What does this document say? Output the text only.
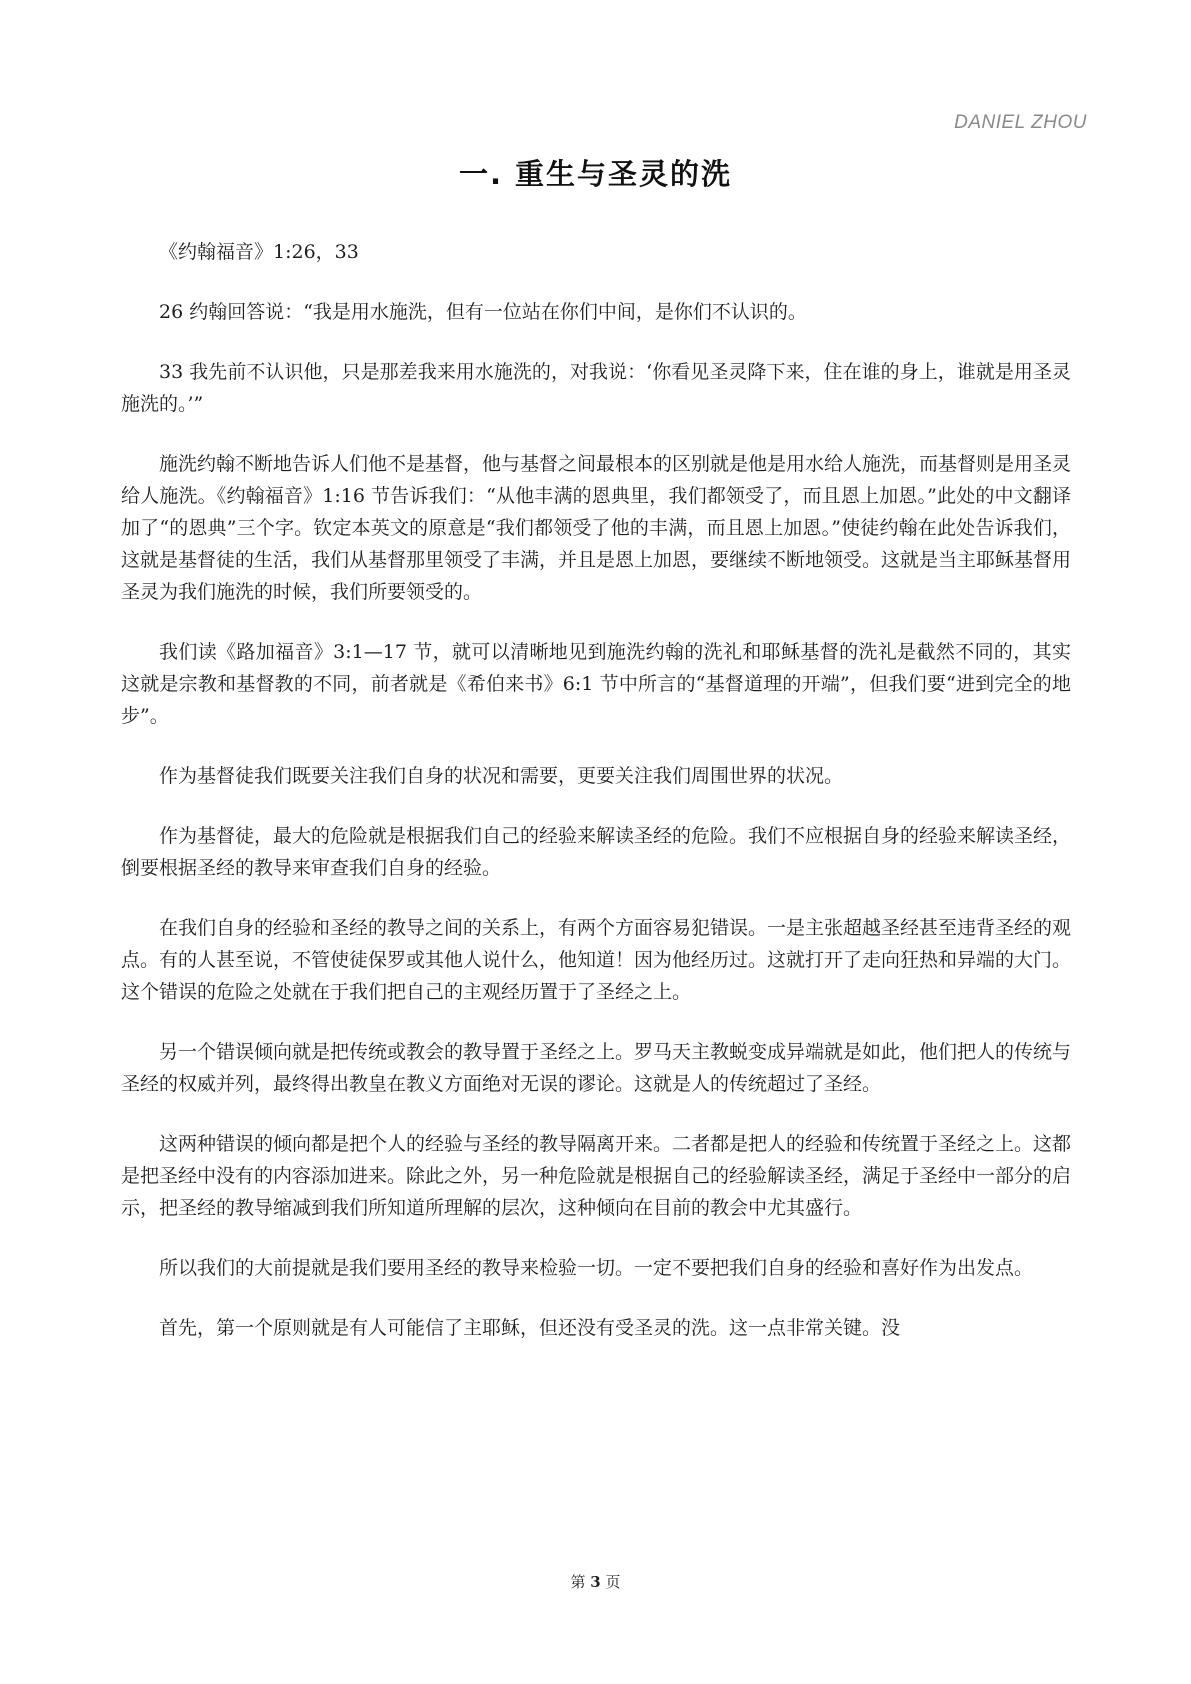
DANIEL ZHOU
一. 重生与圣灵的洗

《约翰福音》1:26，33

26 约翰回答说：“我是用水施洗，但有一位站在你们中间，是你们不认识的。

33 我先前不认识他，只是那差我来用水施洗的，对我说：‘你看见圣灵降下来，住在谁的身上，谁就是用圣灵施洗的。’”

施洗约翰不断地告诉人们他不是基督，他与基督之间最根本的区别就是他是用水给人施洗，而基督则是用圣灵给人施洗。《约翰福音》1:16 节告诉我们：“从他丰满的恩典里，我们都领受了，而且恩上加恩。”此处的中文翻译加了“的恩典”三个字。钦定本英文的原意是“我们都领受了他的丰满，而且恩上加恩。”使徒约翰在此处告诉我们，这就是基督徒的生活，我们从基督那里领受了丰满，并且是恩上加恩，要继续不断地领受。这就是当主耶稣基督用圣灵为我们施洗的时候，我们所要领受的。

我们读《路加福音》3:1—17 节，就可以清晰地见到施洗约翰的洗礼和耶稣基督的洗礼是截然不同的，其实这就是宗教和基督教的不同，前者就是《希伯来书》6:1 节中所言的“基督道理的开端”，但我们要“进到完全的地步”。

作为基督徒我们既要关注我们自身的状况和需要，更要关注我们周围世界的状况。

作为基督徒，最大的危险就是根据我们自己的经验来解读圣经的危险。我们不应根据自身的经验来解读圣经，倒要根据圣经的教导来审查我们自身的经验。

在我们自身的经验和圣经的教导之间的关系上，有两个方面容易犯错误。一是主张超越圣经甚至违背圣经的观点。有的人甚至说，不管使徒保罗或其他人说什么，他知道！因为他经历过。这就打开了走向狂热和异端的大门。这个错误的危险之处就在于我们把自己的主观经历置于了圣经之上。

另一个错误倾向就是把传统或教会的教导置于圣经之上。罗马天主教蜕变成异端就是如此，他们把人的传统与圣经的权威并列，最终得出教皇在教义方面绝对无误的谬论。这就是人的传统超过了圣经。

这两种错误的倾向都是把个人的经验与圣经的教导隔离开来。二者都是把人的经验和传统置于圣经之上。这都是把圣经中没有的内容添加进来。除此之外，另一种危险就是根据自己的经验解读圣经，满足于圣经中一部分的启示，把圣经的教导缩减到我们所知道所理解的层次，这种倾向在目前的教会中尤其盛行。

所以我们的大前提就是我们要用圣经的教导来检验一切。一定不要把我们自身的经验和喜好作为出发点。

首先，第一个原则就是有人可能信了主耶稣，但还没有受圣灵的洗。这一点非常关键。没

第 3 页
